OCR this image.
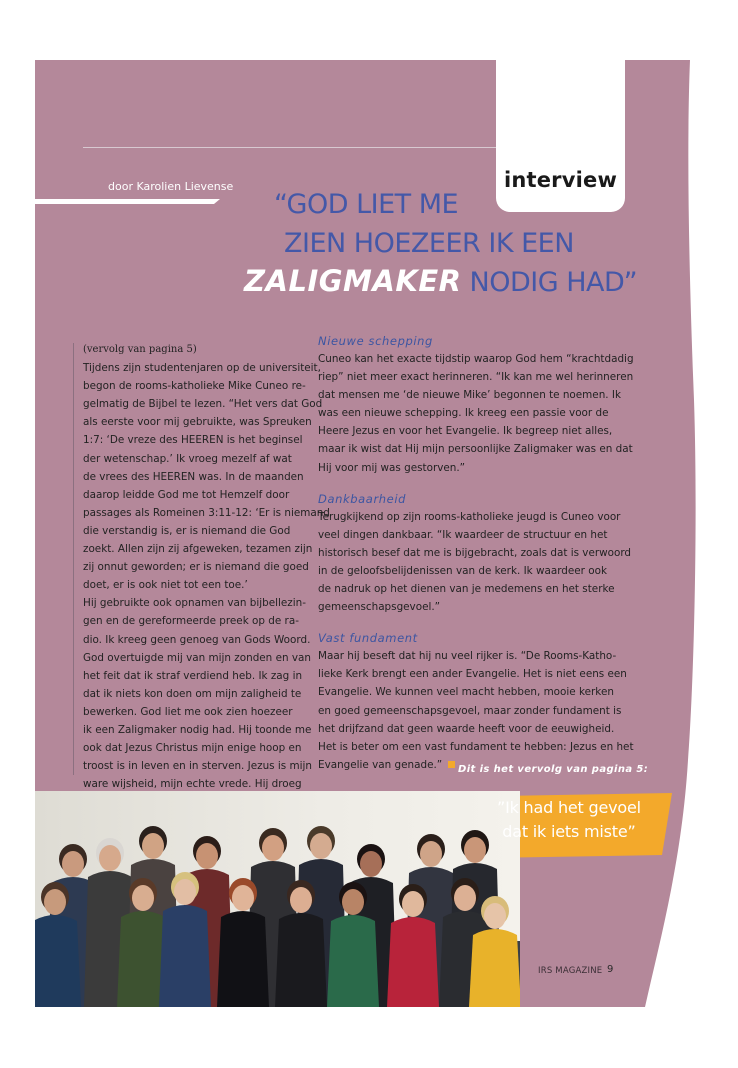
interview
door Karolien Lievense
“GOD LIET ME
ZIEN HOEZEER IK EEN
ZALIGMAKER NODIG HAD”

(vervolg van pagina 5)

Tijdens zijn studentenjaren op de universiteit,

begon de rooms-katholieke Mike Cuneo re-

gelmatig de Bijbel te lezen. “Het vers dat God

als eerste voor mij gebruikte, was Spreuken

1:7: ‘De vreze des HEEREN is het beginsel

der wetenschap.’ Ik vroeg mezelf af wat

de vrees des HEEREN was. In de maanden

daarop leidde God me tot Hemzelf door

passages als Romeinen 3:11-12: ‘Er is niemand

die verstandig is, er is niemand die God

zoekt. Allen zijn zij afgeweken, tezamen zijn

zij onnut geworden; er is niemand die goed

doet, er is ook niet tot een toe.’

Hij gebruikte ook opnamen van bijbellezin-

gen en de gereformeerde preek op de ra-

dio. Ik kreeg geen genoeg van Gods Woord.

God overtuigde mij van mijn zonden en van

het feit dat ik straf verdiend heb. Ik zag in

dat ik niets kon doen om mijn zaligheid te

bewerken. God liet me ook zien hoezeer

ik een Zaligmaker nodig had. Hij toonde me

ook dat Jezus Christus mijn enige hoop en

troost is in leven en in sterven. Jezus is mijn

ware wijsheid, mijn echte vrede. Hij droeg

Nieuwe schepping

Cuneo kan het exacte tijdstip waarop God hem “krachtdadig

riep” niet meer exact herinneren. “Ik kan me wel herinneren

dat mensen me ‘de nieuwe Mike’ begonnen te noemen. Ik

was een nieuwe schepping. Ik kreeg een passie voor de

Heere Jezus en voor het Evangelie. Ik begreep niet alles,

maar ik wist dat Hij mijn persoonlijke Zaligmaker was en dat

Hij voor mij was gestorven.”

Dankbaarheid

Terugkijkend op zijn rooms-katholieke jeugd is Cuneo voor

veel dingen dankbaar. “Ik waardeer de structuur en het

historisch besef dat me is bijgebracht, zoals dat is verwoord

in de geloofsbelijdenissen van de kerk. Ik waardeer ook

de nadruk op het dienen van je medemens en het sterke

gemeenschapsgevoel.”

Vast fundament

Maar hij beseft dat hij nu veel rijker is. “De Rooms-Katho-

lieke Kerk brengt een ander Evangelie. Het is niet eens een

Evangelie. We kunnen veel macht hebben, mooie kerken

en goed gemeenschapsgevoel, maar zonder fundament is

het drijfzand dat geen waarde heeft voor de eeuwigheid.

Het is beter om een vast fundament te hebben: Jezus en het

Evangelie van genade.”	Dit is het vervolg van pagina 5:
”Ik had het gevoel
dat ik iets miste”
IRS MAGAZINE 9
